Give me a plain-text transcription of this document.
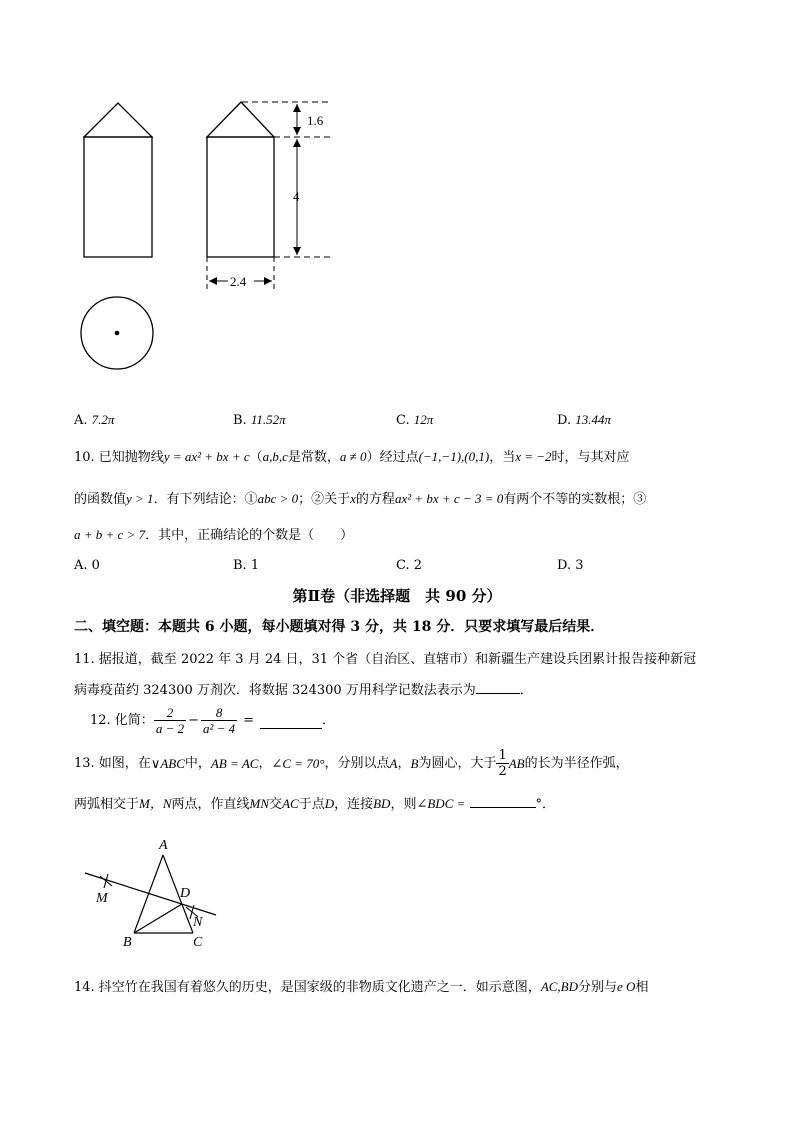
1.6
4
2.4
A. 7.2π	B. 11.52π	C. 12π	D. 13.44π
10. 已知抛物线y = ax² + bx + c（a,b,c是常数，a ≠ 0）经过点(−1,−1),(0,1)，当x = −2时，与其对应
的函数值y > 1．有下列结论：①abc > 0；②关于x的方程ax² + bx + c − 3 = 0有两个不等的实数根；③
a + b + c > 7．其中，正确结论的个数是（　　）
A. 0	B. 1	C. 2	D. 3
第Ⅱ卷（非选择题　共 90 分）
二、填空题：本题共 6 小题，每小题填对得 3 分，共 18 分．只要求填写最后结果．
11. 据报道，截至 2022 年 3 月 24 日，31 个省（自治区、直辖市）和新疆生产建设兵团累计报告接种新冠
病毒疫苗约 324300 万剂次．将数据 324300 万用科学记数法表示为	．
12. 化简： $\frac{2}{a - 2} - \frac{8}{\text{a² − 4}}$ =	．
13. 如图，在 ∨ABC 中， AB = AC ， ∠C = 70° ，分别以点 A ， B 为圆心，大于 $\frac{1}{2}$ AB 的长为半径作弧，
两弧相交于M，N两点，作直线MN交AC于点D，连接BD，则∠BDC =	°．
A
D
M
N
B	C
14. 抖空竹在我国有着悠久的历史，是国家级的非物质文化遗产之一．如示意图，AC,BD分别与e O相
